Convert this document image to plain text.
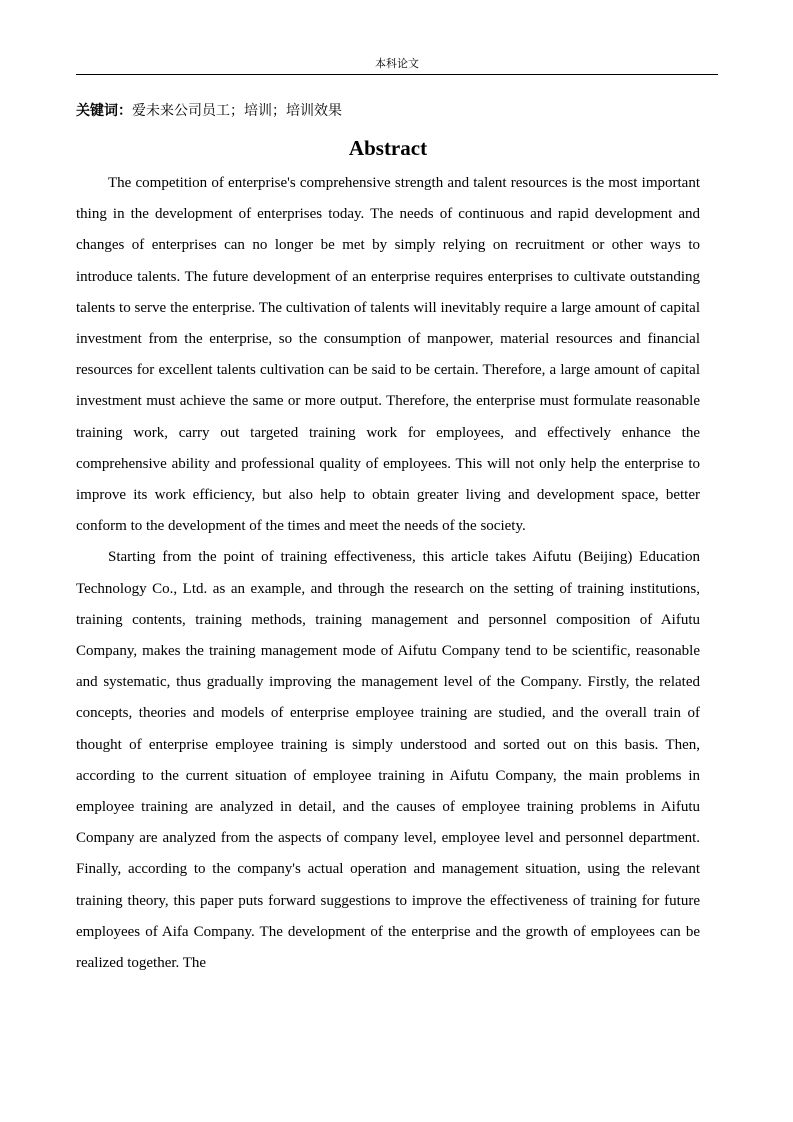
本科论文

关键词：爱未来公司员工；培训；培训效果

Abstract

The competition of enterprise's comprehensive strength and talent resources is the most important thing in the development of enterprises today. The needs of continuous and rapid development and changes of enterprises can no longer be met by simply relying on recruitment or other ways to introduce talents. The future development of an enterprise requires enterprises to cultivate outstanding talents to serve the enterprise. The cultivation of talents will inevitably require a large amount of capital investment from the enterprise, so the consumption of manpower, material resources and financial resources for excellent talents cultivation can be said to be certain. Therefore, a large amount of capital investment must achieve the same or more output. Therefore, the enterprise must formulate reasonable training work, carry out targeted training work for employees, and effectively enhance the comprehensive ability and professional quality of employees. This will not only help the enterprise to improve its work efficiency, but also help to obtain greater living and development space, better conform to the development of the times and meet the needs of the society.

Starting from the point of training effectiveness, this article takes Aifutu (Beijing) Education Technology Co., Ltd. as an example, and through the research on the setting of training institutions, training contents, training methods, training management and personnel composition of Aifutu Company, makes the training management mode of Aifutu Company tend to be scientific, reasonable and systematic, thus gradually improving the management level of the Company. Firstly, the related concepts, theories and models of enterprise employee training are studied, and the overall train of thought of enterprise employee training is simply understood and sorted out on this basis. Then, according to the current situation of employee training in Aifutu Company, the main problems in employee training are analyzed in detail, and the causes of employee training problems in Aifutu Company are analyzed from the aspects of company level, employee level and personnel department. Finally, according to the company's actual operation and management situation, using the relevant training theory, this paper puts forward suggestions to improve the effectiveness of training for future employees of Aifa Company. The development of the enterprise and the growth of employees can be realized together. The
